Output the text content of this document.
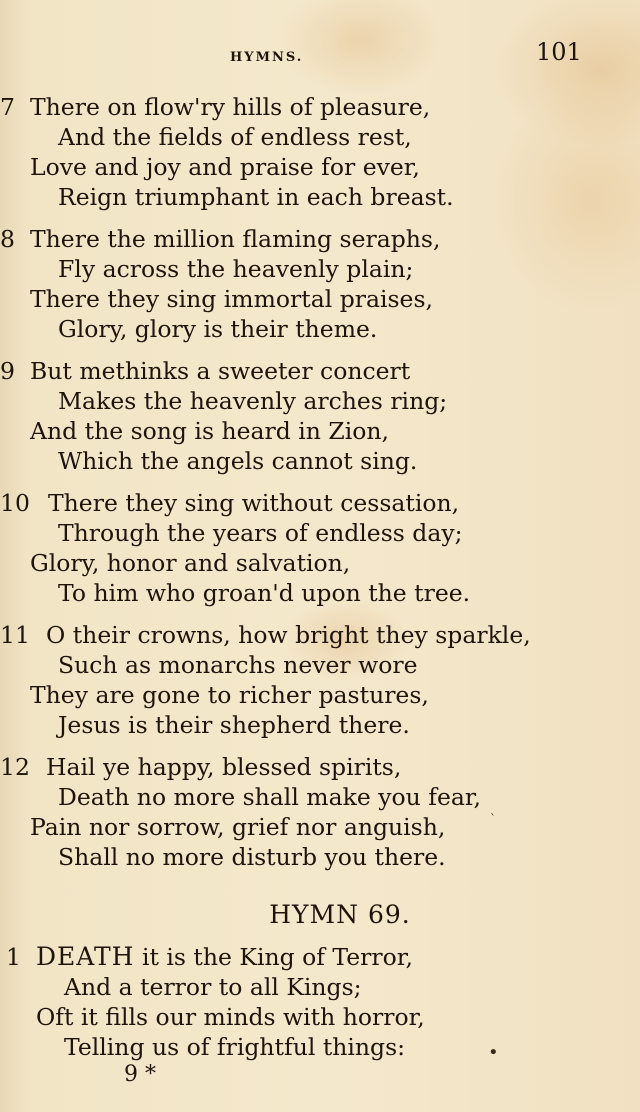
HYMNS.	101
7 There on flow'ry hills of pleasure,
And the fields of endless rest,
Love and joy and praise for ever,
Reign triumphant in each breast.
8 There the million flaming seraphs,
Fly across the heavenly plain;
There they sing immortal praises,
Glory, glory is their theme.
9 But methinks a sweeter concert
Makes the heavenly arches ring;
And the song is heard in Zion,
Which the angels cannot sing.
10 There they sing without cessation,
Through the years of endless day;
Glory, honor and salvation,
To him who groan'd upon the tree.
11 O their crowns, how bright they sparkle,
Such as monarchs never wore
They are gone to richer pastures,
Jesus is their shepherd there.
12 Hail ye happy, blessed spirits,
Death no more shall make you fear,
Pain nor sorrow, grief nor anguish,
Shall no more disturb you there.
HYMN 69.
1 DEATH it is the King of Terror,
And a terror to all Kings;
Oft it fills our minds with horror,
Telling us of frightful things:
9 *
•
`
